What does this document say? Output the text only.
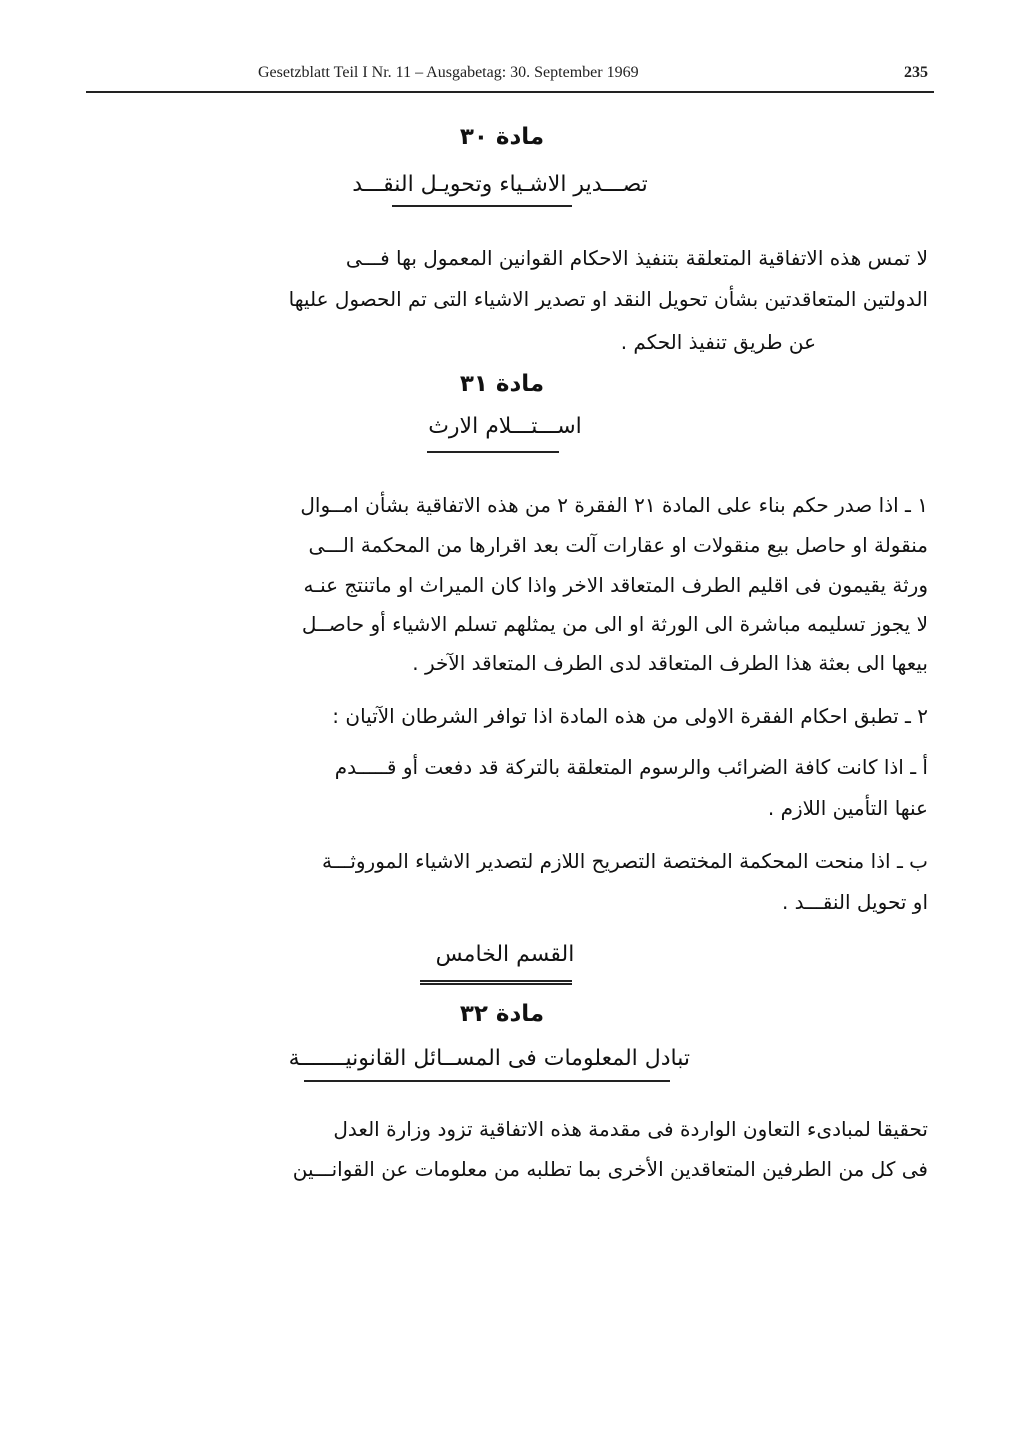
Gesetzblatt Teil I Nr. 11 – Ausgabetag: 30. September 1969	235
مادة ٣٠
تصـــدير الاشـياء وتحويـل النقـــد
لا تمس هذه الاتفاقية المتعلقة بتنفيذ الاحكام القوانين المعمول بها فـــى
الدولتين المتعاقدتين بشأن تحويل النقد او تصدير الاشياء التى تم الحصول عليها
عن طريق تنفيذ الحكم .
مادة ٣١
اســـتـــلام الارث
١ ـ اذا صدر حكم بناء على المادة ٢١ الفقرة ٢ من هذه الاتفاقية بشأن امــوال
منقولة او حاصل بيع منقولات او عقارات آلت بعد اقرارها من المحكمة الـــى
ورثة يقيمون فى اقليم الطرف المتعاقد الاخر واذا كان الميراث او ماتنتج عنـه
لا يجوز تسليمه مباشرة الى الورثة او الى من يمثلهم تسلم الاشياء أو حاصــل
بيعها الى بعثة هذا الطرف المتعاقد لدى الطرف المتعاقد الآخر .
٢ ـ تطبق احكام الفقرة الاولى من هذه المادة اذا توافر الشرطان الآتيان :
أ ـ اذا كانت كافة الضرائب والرسوم المتعلقة بالتركة قد دفعت أو قـــــدم
عنها التأمين اللازم .
ب ـ اذا منحت المحكمة المختصة التصريح اللازم لتصدير الاشياء الموروثـــة
او تحويل النقـــد .
القسم الخامس
مادة ٣٢
تبادل المعلومات فى المســائل القانونيـــــــة
تحقيقا لمبادىء التعاون الواردة فى مقدمة هذه الاتفاقية تزود وزارة العدل
فى كل من الطرفين المتعاقدين الأخرى بما تطلبه من معلومات عن القوانـــين
